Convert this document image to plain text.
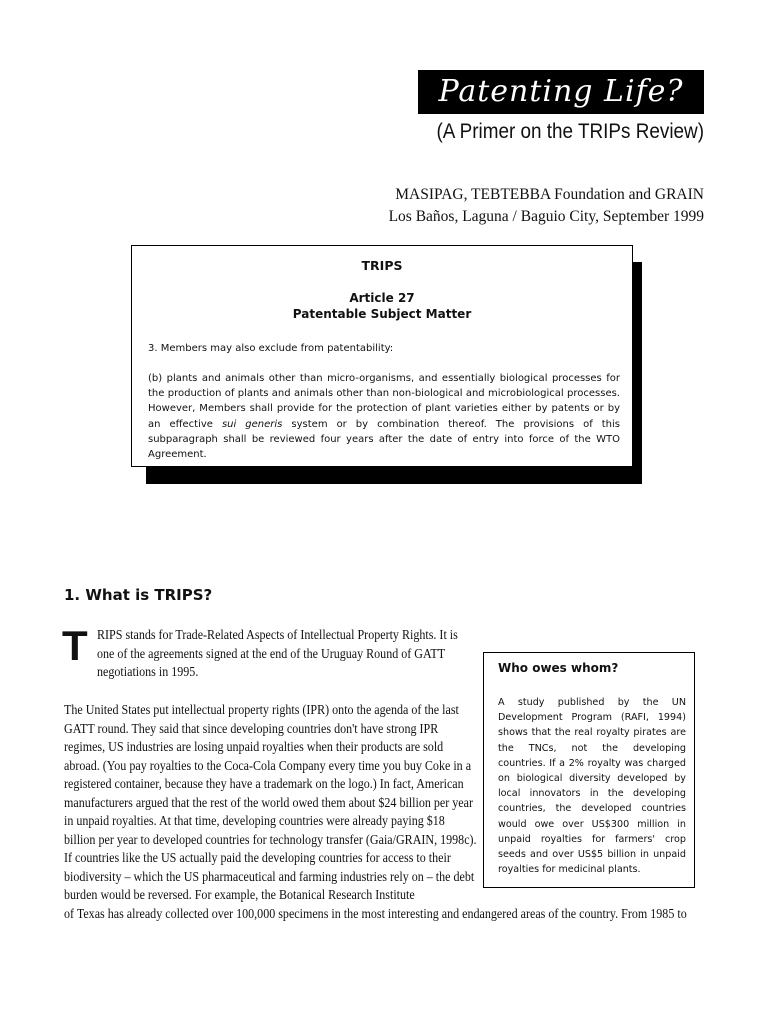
Patenting Life?
(A Primer on the TRIPs Review)
MASIPAG, TEBTEBBA Foundation and GRAIN
Los Baños, Laguna / Baguio City, September 1999
TRIPS
Article 27
Patentable Subject Matter
3. Members may also exclude from patentability:
(b) plants and animals other than micro-organisms, and essentially biological processes for the production of plants and animals other than non-biological and microbiological processes. However, Members shall provide for the protection of plant varieties either by patents or by an effective sui generis system or by combination thereof. The provisions of this subparagraph shall be reviewed four years after the date of entry into force of the WTO Agreement.
1. What is TRIPS?
T RIPS stands for Trade-Related Aspects of Intellectual Property Rights. It is one of the agreements signed at the end of the Uruguay Round of GATT negotiations in 1995.
The United States put intellectual property rights (IPR) onto the agenda of the last GATT round. They said that since developing countries don't have strong IPR regimes, US industries are losing unpaid royalties when their products are sold abroad. (You pay royalties to the Coca-Cola Company every time you buy Coke in a registered container, because they have a trademark on the logo.) In fact, American manufacturers argued that the rest of the world owed them about $24 billion per year in unpaid royalties. At that time, developing countries were already paying $18 billion per year to developed countries for technology transfer (Gaia/GRAIN, 1998c). If countries like the US actually paid the developing countries for access to their biodiversity – which the US pharmaceutical and farming industries rely on – the debt burden would be reversed. For example, the Botanical Research Institute
of Texas has already collected over 100,000 specimens in the most interesting and endangered areas of the country. From 1985 to
Who owes whom?
A study published by the UN Development Program (RAFI, 1994) shows that the real royalty pirates are the TNCs, not the developing countries. If a 2% royalty was charged on biological diversity developed by local innovators in the developing countries, the developed countries would owe over US$300 million in unpaid royalties for farmers' crop seeds and over US$5 billion in unpaid royalties for medicinal plants.
